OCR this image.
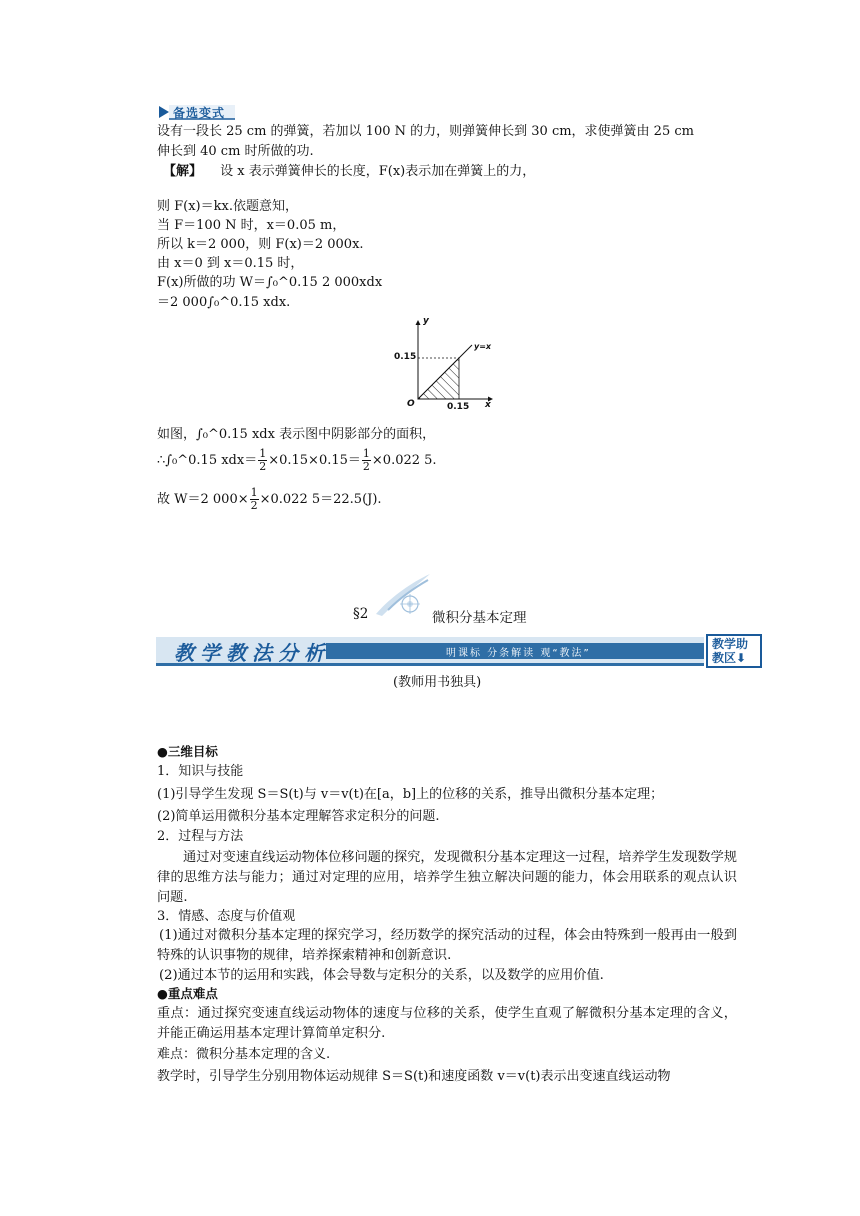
备选变式
设有一段长 25 cm 的弹簧，若加以 100 N 的力，则弹簧伸长到 30 cm，求使弹簧由 25 cm
伸长到 40 cm 时所做的功.
【解】 设 x 表示弹簧伸长的长度，F(x)表示加在弹簧上的力，
则 F(x)＝kx.依题意知，
当 F＝100 N 时，x＝0.05 m，
所以 k＝2 000，则 F(x)＝2 000x.
由 x＝0 到 x＝0.15 时，
F(x)所做的功 W＝∫₀^0.15 2 000xdx
＝2 000∫₀^0.15 xdx.
y
x
O
0.15
0.15
y=x
如图，∫₀^0.15 xdx 表示图中阴影部分的面积，
∴∫₀^0.15 $xdx= \frac{1}{2} \times 0.15\times 0.15= \frac{1}{2} \times 0.022$ 5.
故 W＝2 $000\times \frac{1}{2} \times 0.022$ 5＝22.5(J).
§2	微积分基本定理
教学教法分析	明课标 分条解读 观“教法”
教学助
教区⬇
(教师用书独具)
●三维目标
1．知识与技能
(1)引导学生发现 S＝S(t)与 v＝v(t)在[a，b]上的位移的关系，推导出微积分基本定理；
(2)简单运用微积分基本定理解答求定积分的问题.
2．过程与方法
通过对变速直线运动物体位移问题的探究，发现微积分基本定理这一过程，培养学生发现数学规律的思维方法与能力；通过对定理的应用，培养学生独立解决问题的能力，体会用联系的观点认识问题.
3．情感、态度与价值观
(1)通过对微积分基本定理的探究学习，经历数学的探究活动的过程，体会由特殊到一般再由一般到特殊的认识事物的规律，培养探索精神和创新意识.
(2)通过本节的运用和实践，体会导数与定积分的关系，以及数学的应用价值.
●重点难点
重点：通过探究变速直线运动物体的速度与位移的关系，使学生直观了解微积分基本定理的含义，并能正确运用基本定理计算简单定积分.
难点：微积分基本定理的含义.
教学时，引导学生分别用物体运动规律 S＝S(t)和速度函数 v＝v(t)表示出变速直线运动物
